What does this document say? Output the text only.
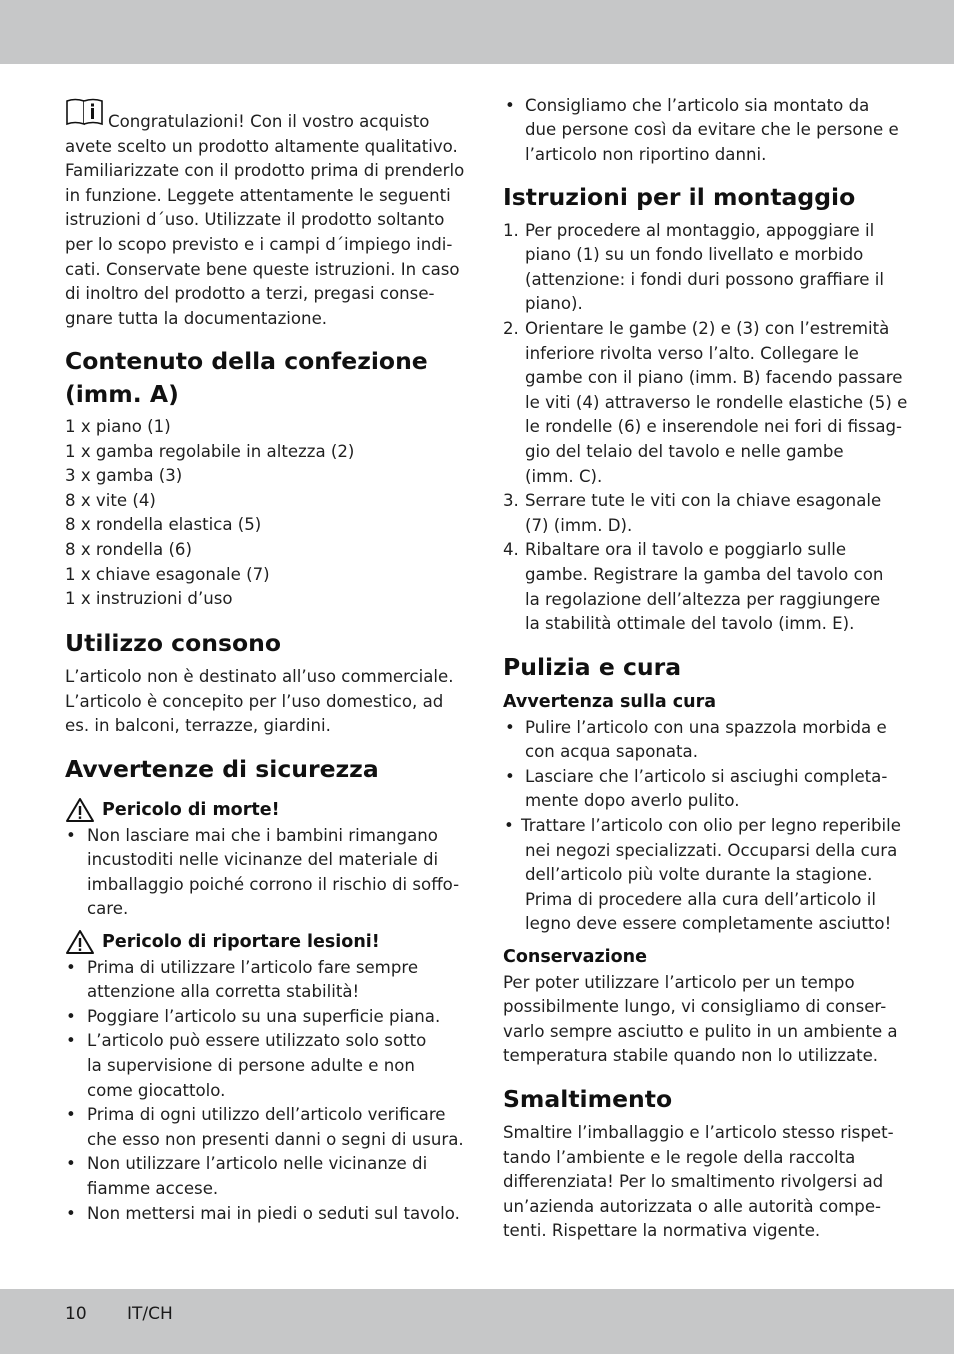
10 IT/CH
Congratulazioni! Con il vostro acquisto
avete scelto un prodotto altamente qualitativo.
Familiarizzate con il prodotto prima di prenderlo
in funzione. Leggete attentamente le seguenti
istruzioni d´uso. Utilizzate il prodotto soltanto
per lo scopo previsto e i campi d´impiego indi-
cati. Conservate bene queste istruzioni. In caso
di inoltro del prodotto a terzi, pregasi conse-
gnare tutta la documentazione.
Contenuto della confezione
(imm. A)
1 x piano (1)
1 x gamba regolabile in altezza (2)
3 x gamba (3)
8 x vite (4)
8 x rondella elastica (5)
8 x rondella (6)
1 x chiave esagonale (7)
1 x instruzioni d’uso
Utilizzo consono
L’articolo non è destinato all’uso commerciale.
L’articolo è concepito per l’uso domestico, ad
es. in balconi, terrazze, giardini.
Avvertenze di sicurezza
Pericolo di morte!
• Non lasciare mai che i bambini rimangano
incustoditi nelle vicinanze del materiale di
imballaggio poiché corrono il rischio di soffo-
care.
Pericolo di riportare lesioni!
• Prima di utilizzare l’articolo fare sempre
attenzione alla corretta stabilità!
• Poggiare l’articolo su una superficie piana.
• L’articolo può essere utilizzato solo sotto
la supervisione di persone adulte e non
come giocattolo.
• Prima di ogni utilizzo dell’articolo verificare
che esso non presenti danni o segni di usura.
• Non utilizzare l’articolo nelle vicinanze di
fiamme accese.
• Non mettersi mai in piedi o seduti sul tavolo.
• Consigliamo che l’articolo sia montato da
due persone così da evitare che le persone e
l’articolo non riportino danni.
Istruzioni per il montaggio
1. Per procedere al montaggio, appoggiare il
piano (1) su un fondo livellato e morbido
(attenzione: i fondi duri possono graffiare il
piano).
2. Orientare le gambe (2) e (3) con l’estremità
inferiore rivolta verso l’alto. Collegare le
gambe con il piano (imm. B) facendo passare
le viti (4) attraverso le rondelle elastiche (5) e
le rondelle (6) e inserendole nei fori di fissag-
gio del telaio del tavolo e nelle gambe
(imm. C).
3. Serrare tute le viti con la chiave esagonale
(7) (imm. D).
4. Ribaltare ora il tavolo e poggiarlo sulle
gambe. Registrare la gamba del tavolo con
la regolazione dell’altezza per raggiungere
la stabilità ottimale del tavolo (imm. E).
Pulizia e cura
Avvertenza sulla cura
• Pulire l’articolo con una spazzola morbida e
con acqua saponata.
• Lasciare che l’articolo si asciughi completa-
mente dopo averlo pulito.
• Trattare l’articolo con olio per legno reperibile
nei negozi specializzati. Occuparsi della cura
dell’articolo più volte durante la stagione.
Prima di procedere alla cura dell’articolo il
legno deve essere completamente asciutto!
Conservazione
Per poter utilizzare l’articolo per un tempo
possibilmente lungo, vi consigliamo di conser-
varlo sempre asciutto e pulito in un ambiente a
temperatura stabile quando non lo utilizzate.
Smaltimento
Smaltire l’imballaggio e l’articolo stesso rispet-
tando l’ambiente e le regole della raccolta
differenziata! Per lo smaltimento rivolgersi ad
un’azienda autorizzata o alle autorità compe-
tenti. Rispettare la normativa vigente.
